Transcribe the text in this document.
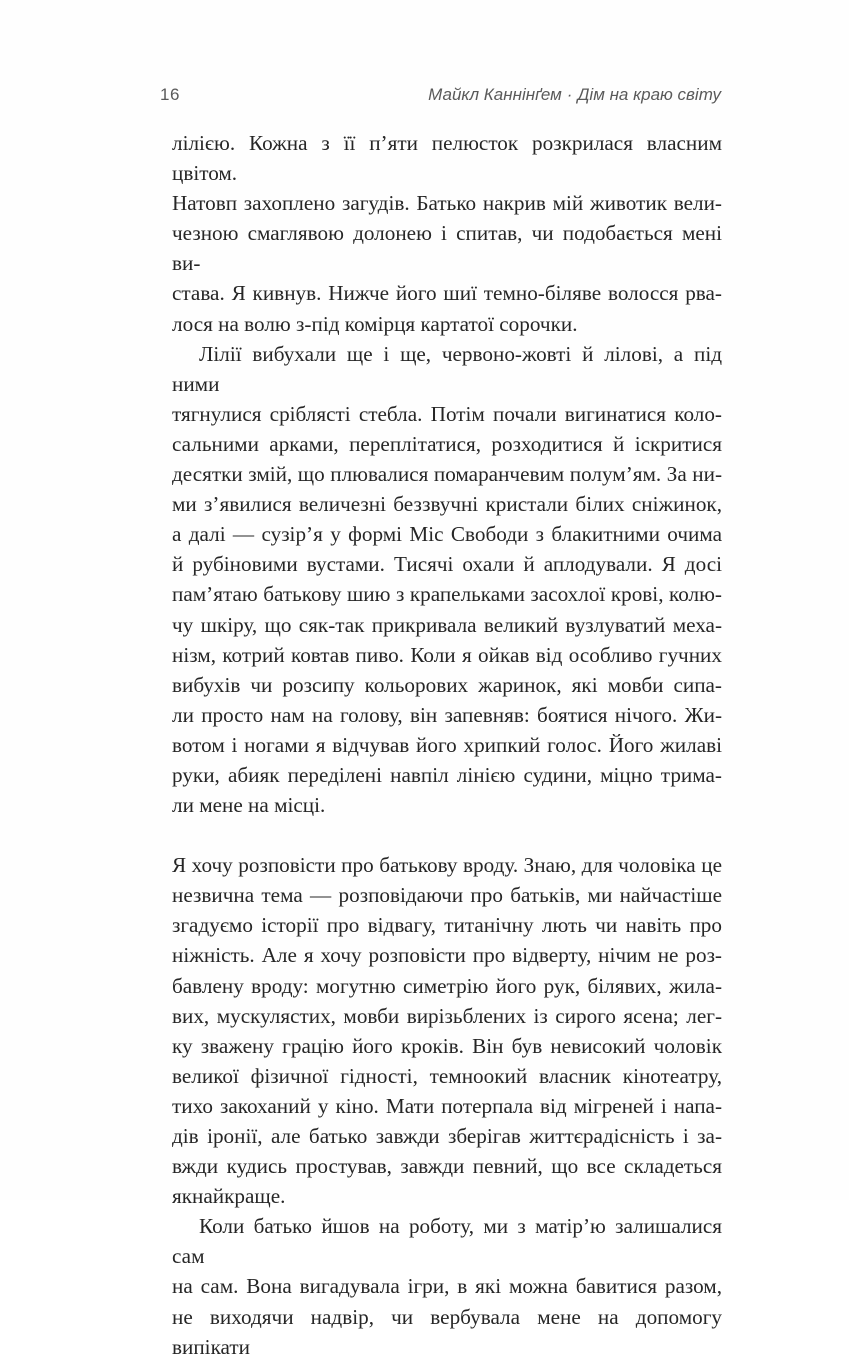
16	Майкл Каннінґем · Дім на краю світу

лілією. Кожна з її п’яти пелюсток розкрилася власним цвітом.

Натовп захоплено загудів. Батько накрив мій животик вели-

чезною смаглявою долонею і спитав, чи подобається мені ви-

става. Я кивнув. Нижче його шиї темно-біляве волосся рва-

лося на волю з-під комірця картатої сорочки.

Лілії вибухали ще і ще, червоно-жовті й лілові, а під ними

тягнулися сріблясті стебла. Потім почали вигинатися коло-

сальними арками, переплітатися, розходитися й іскритися

десятки змій, що плювалися помаранчевим полум’ям. За ни-

ми з’явилися величезні беззвучні кристали білих сніжинок,

а далі — сузір’я у формі Міс Свободи з блакитними очима

й рубіновими вустами. Тисячі охали й аплодували. Я досі

пам’ятаю батькову шию з крапельками засохлої крові, колю-

чу шкіру, що сяк-так прикривала великий вузлуватий меха-

нізм, котрий ковтав пиво. Коли я ойкав від особливо гучних

вибухів чи розсипу кольорових жаринок, які мовби сипа-

ли просто нам на голову, він запевняв: боятися нічого. Жи-

вотом і ногами я відчував його хрипкий голос. Його жилаві

руки, абияк переділені навпіл лінією судини, міцно трима-

ли мене на місці.

Я хочу розповісти про батькову вроду. Знаю, для чоловіка це

незвична тема — розповідаючи про батьків, ми найчастіше

згадуємо історії про відвагу, титанічну лють чи навіть про

ніжність. Але я хочу розповісти про відверту, нічим не роз-

бавлену вроду: могутню симетрію його рук, білявих, жила-

вих, мускулястих, мовби вирізьблених із сирого ясена; лег-

ку зважену грацію його кроків. Він був невисокий чоловік

великої фізичної гідності, темноокий власник кінотеатру,

тихо закоханий у кіно. Мати потерпала від мігреней і напа-

дів іронії, але батько завжди зберігав життєрадісність і за-

вжди кудись простував, завжди певний, що все складеться

якнайкраще.

Коли батько йшов на роботу, ми з матір’ю залишалися сам

на сам. Вона вигадувала ігри, в які можна бавитися разом,

не виходячи надвір, чи вербувала мене на допомогу випікати
